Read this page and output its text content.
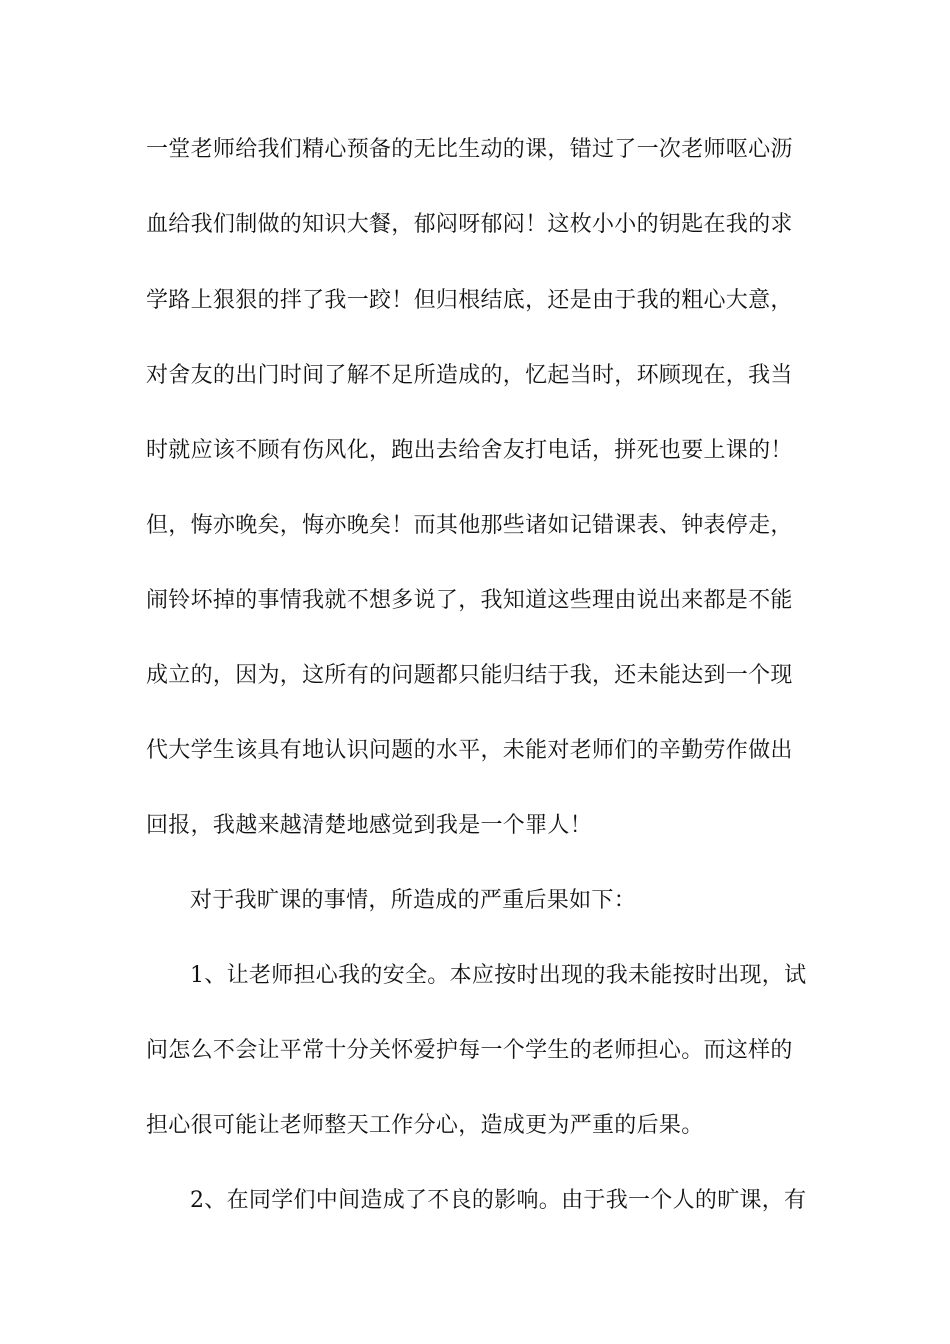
一堂老师给我们精心预备的无比生动的课，错过了一次老师呕心沥
血给我们制做的知识大餐，郁闷呀郁闷！这枚小小的钥匙在我的求
学路上狠狠的拌了我一跤！但归根结底，还是由于我的粗心大意，
对舍友的出门时间了解不足所造成的，忆起当时，环顾现在，我当
时就应该不顾有伤风化，跑出去给舍友打电话，拼死也要上课的！
但，悔亦晚矣，悔亦晚矣！而其他那些诸如记错课表、钟表停走，
闹铃坏掉的事情我就不想多说了，我知道这些理由说出来都是不能
成立的，因为，这所有的问题都只能归结于我，还未能达到一个现
代大学生该具有地认识问题的水平，未能对老师们的辛勤劳作做出
回报，我越来越清楚地感觉到我是一个罪人！
对于我旷课的事情，所造成的严重后果如下：
1、让老师担心我的安全。本应按时出现的我未能按时出现，试
问怎么不会让平常十分关怀爱护每一个学生的老师担心。而这样的
担心很可能让老师整天工作分心，造成更为严重的后果。
2、在同学们中间造成了不良的影响。由于我一个人的旷课，有
